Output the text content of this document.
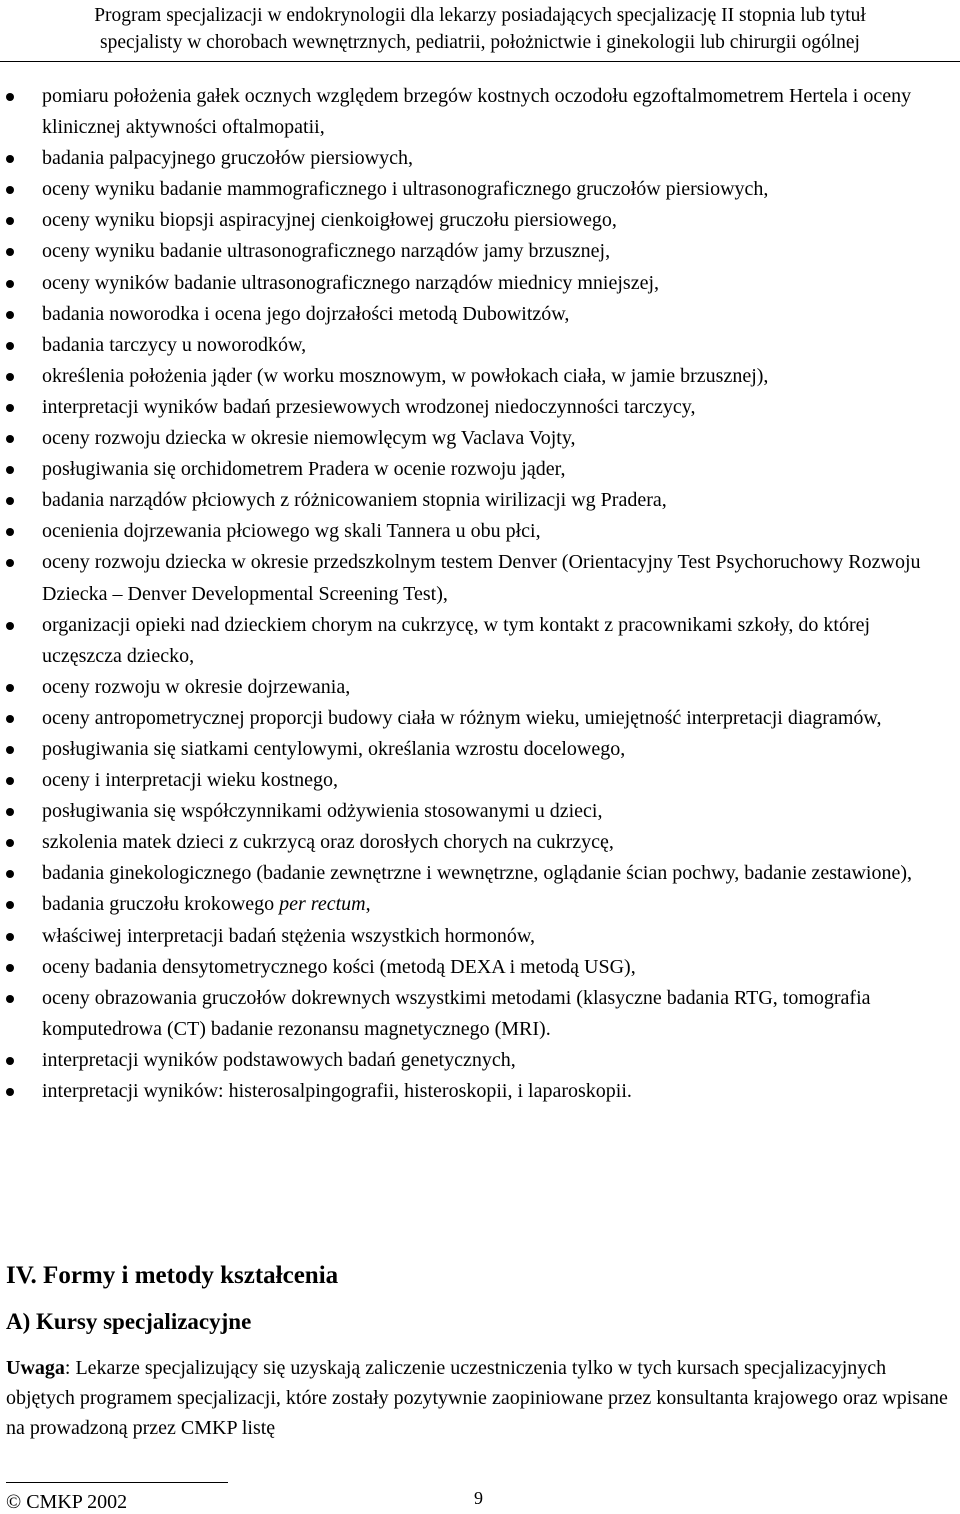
Program specjalizacji w endokrynologii dla lekarzy posiadających specjalizację II stopnia lub tytuł
specjalisty w chorobach wewnętrznych, pediatrii, położnictwie i ginekologii lub chirurgii ogólnej
pomiaru położenia gałek ocznych względem brzegów kostnych oczodołu egzoftalmometrem Hertela i oceny klinicznej aktywności oftalmopatii,
badania palpacyjnego gruczołów piersiowych,
oceny wyniku badanie mammograficznego i ultrasonograficznego gruczołów piersiowych,
oceny wyniku biopsji aspiracyjnej cienkoigłowej gruczołu piersiowego,
oceny wyniku badanie ultrasonograficznego narządów jamy brzusznej,
oceny wyników badanie ultrasonograficznego narządów miednicy mniejszej,
badania noworodka i ocena jego dojrzałości metodą Dubowitzów,
badania tarczycy u noworodków,
określenia położenia jąder (w worku mosznowym, w powłokach ciała, w jamie brzusznej),
interpretacji wyników badań przesiewowych wrodzonej niedoczynności tarczycy,
oceny rozwoju dziecka w okresie niemowlęcym wg Vaclava Vojty,
posługiwania się orchidometrem Pradera w ocenie rozwoju jąder,
badania narządów płciowych z różnicowaniem stopnia wirilizacji wg Pradera,
ocenienia dojrzewania płciowego wg skali Tannera u obu płci,
oceny rozwoju dziecka w okresie przedszkolnym testem Denver (Orientacyjny Test Psychoruchowy Rozwoju Dziecka – Denver Developmental Screening Test),
organizacji opieki nad dzieckiem chorym na cukrzycę, w tym kontakt z pracownikami szkoły, do której uczęszcza dziecko,
oceny rozwoju w okresie dojrzewania,
oceny antropometrycznej proporcji budowy ciała w różnym wieku, umiejętność interpretacji diagramów,
posługiwania się siatkami centylowymi, określania wzrostu docelowego,
oceny i interpretacji wieku kostnego,
posługiwania się współczynnikami odżywienia stosowanymi u dzieci,
szkolenia matek dzieci z cukrzycą oraz dorosłych chorych na cukrzycę,
badania ginekologicznego (badanie zewnętrzne i wewnętrzne, oglądanie ścian pochwy, badanie zestawione),
badania gruczołu krokowego per rectum,
właściwej interpretacji badań stężenia wszystkich hormonów,
oceny badania densytometrycznego kości (metodą DEXA i metodą USG),
oceny obrazowania gruczołów dokrewnych wszystkimi metodami (klasyczne badania RTG, tomografia komputedrowa (CT) badanie rezonansu magnetycznego (MRI).
interpretacji wyników podstawowych badań genetycznych,
interpretacji wyników: histerosalpingografii, histeroskopii, i laparoskopii.
IV. Formy i metody kształcenia
A) Kursy specjalizacyjne
Uwaga: Lekarze specjalizujący się uzyskają zaliczenie uczestniczenia tylko w tych kursach specjalizacyjnych objętych programem specjalizacji, które zostały pozytywnie zaopiniowane przez konsultanta krajowego oraz wpisane na prowadzoną przez CMKP listę
© CMKP 2002	9
